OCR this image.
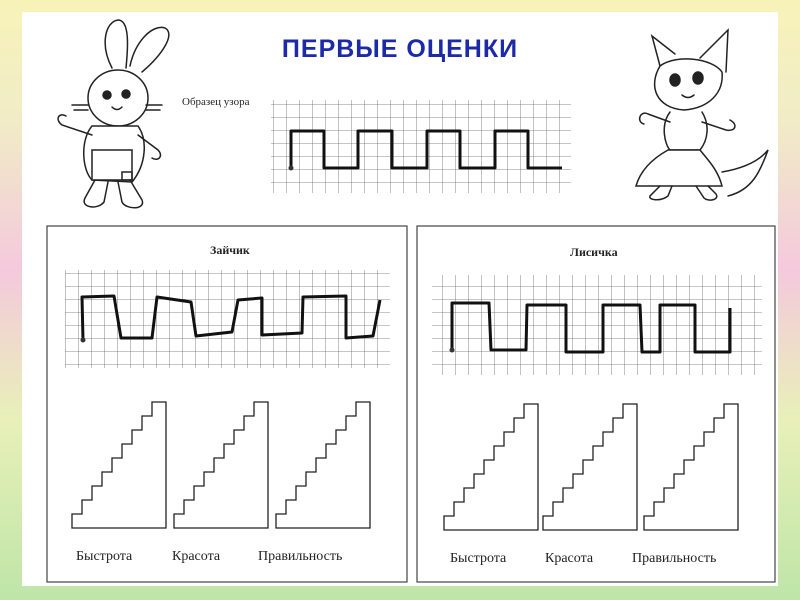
ПЕРВЫЕ ОЦЕНКИ
Образец узора
Зайчик	Лисичка
Быстрота	Красота	Правильность	Быстрота	Красота	Правильность
